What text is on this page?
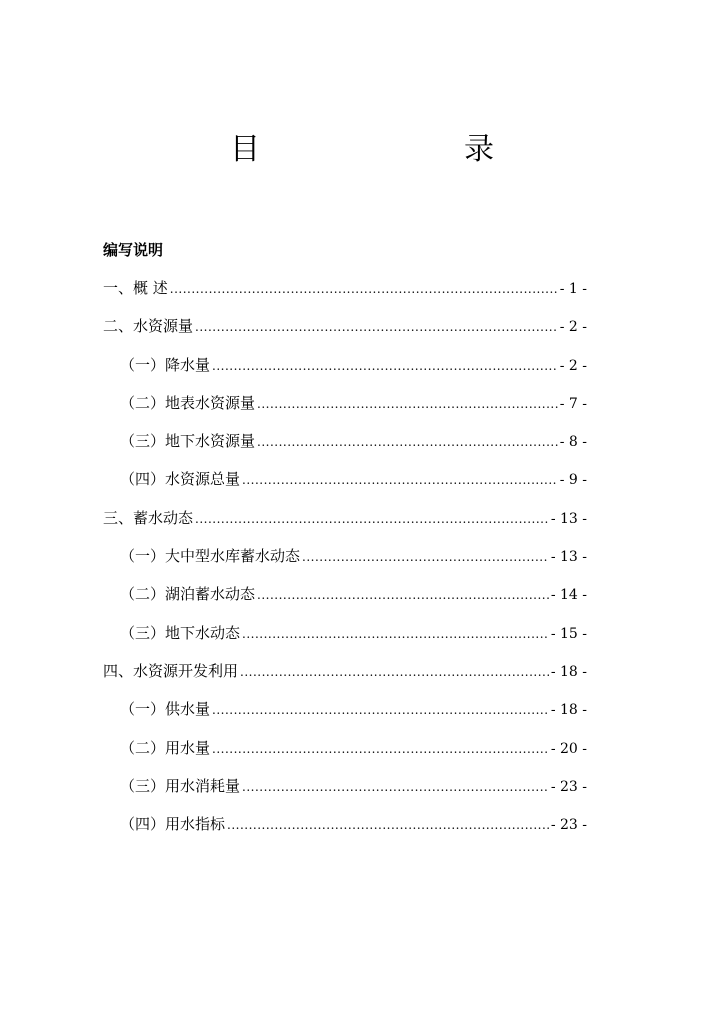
目　　录
编写说明
一、概 述 .....	- 1 -
二、水资源量 .....	- 2 -
（一）降水量 .....	- 2 -
（二）地表水资源量 .....	- 7 -
（三）地下水资源量 .....	- 8 -
（四）水资源总量 .....	- 9 -
三、蓄水动态 .....	- 13 -
（一）大中型水库蓄水动态 .....	- 13 -
（二）湖泊蓄水动态 .....	- 14 -
（三）地下水动态 .....	- 15 -
四、水资源开发利用 .....	- 18 -
（一）供水量 .....	- 18 -
（二）用水量 .....	- 20 -
（三）用水消耗量 .....	- 23 -
（四）用水指标 .....	- 23 -
